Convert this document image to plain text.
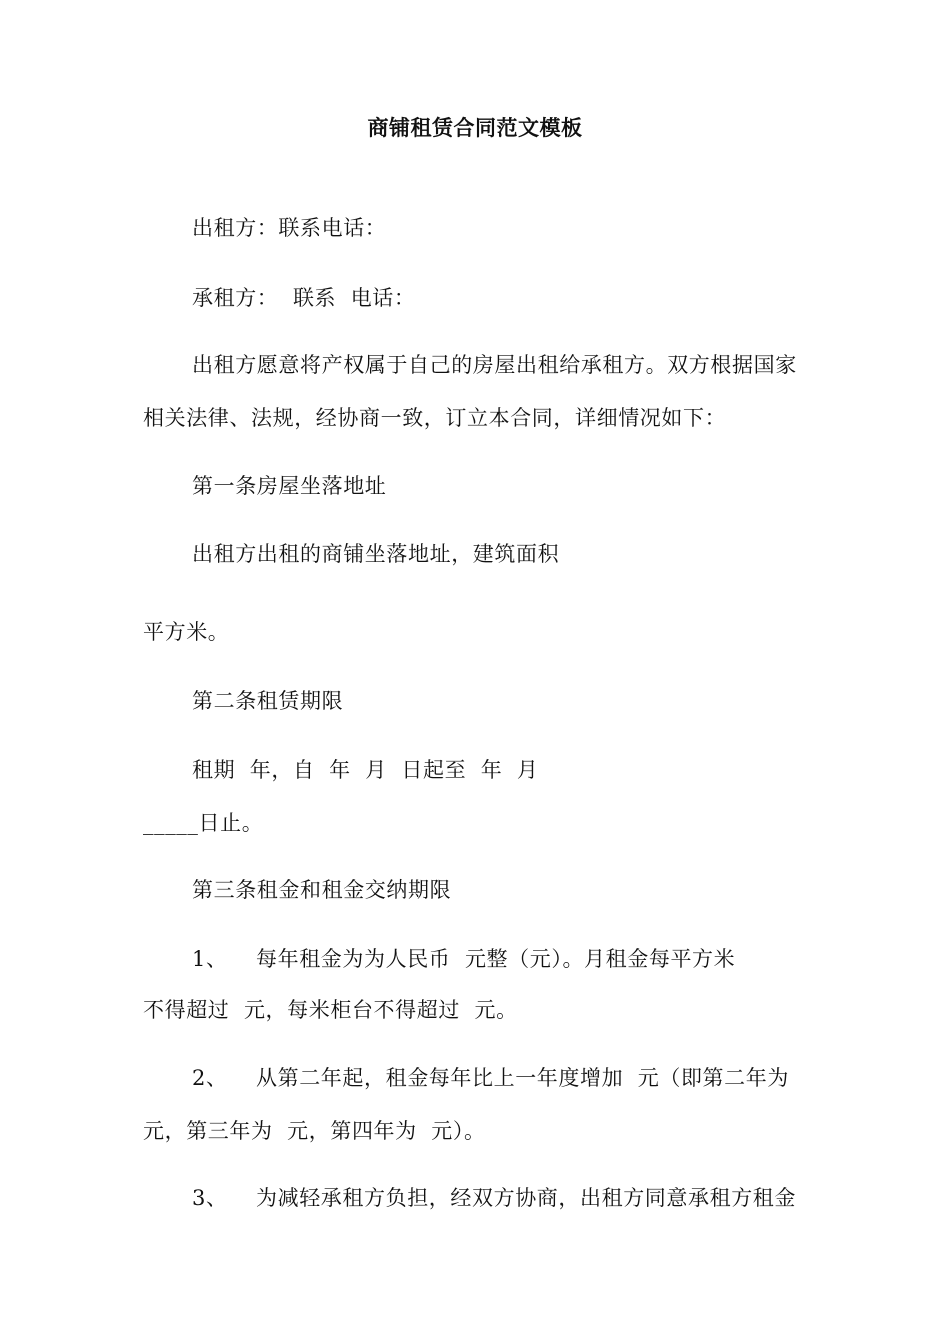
商铺租赁合同范文模板
出租方：联系电话：
承租方：  联系  电话：
出租方愿意将产权属于自己的房屋出租给承租方。双方根据国家
相关法律、法规，经协商一致，订立本合同，详细情况如下：
第一条房屋坐落地址
出租方出租的商铺坐落地址，建筑面积
平方米。
第二条租赁期限
租期  年，自  年  月  日起至  年  月
_____日止。
第三条租金和租金交纳期限
1、 每年租金为为人民币  元整（元）。月租金每平方米
不得超过  元，每米柜台不得超过  元。
2、 从第二年起，租金每年比上一年度增加  元（即第二年为
元，第三年为  元，第四年为  元）。
3、 为减轻承租方负担，经双方协商，出租方同意承租方租金
